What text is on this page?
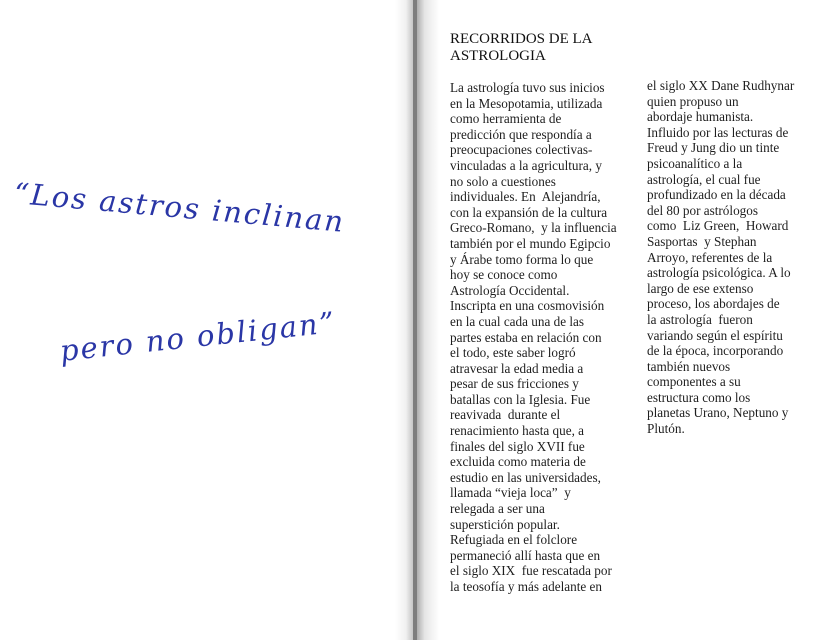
“Los astros inclinan
pero no obligan”
RECORRIDOS DE LA
ASTROLOGIA

La astrología tuvo sus inicios
en la Mesopotamia, utilizada
como herramienta de
predicción que respondía a
preocupaciones colectivas-
vinculadas a la agricultura, y
no solo a cuestiones
individuales. En  Alejandría,
con la expansión de la cultura
Greco-Romano,  y la influencia
también por el mundo Egipcio
y Árabe tomo forma lo que
hoy se conoce como
Astrología Occidental.
Inscripta en una cosmovisión
en la cual cada una de las
partes estaba en relación con
el todo, este saber logró
atravesar la edad media a
pesar de sus fricciones y
batallas con la Iglesia. Fue
reavivada  durante el
renacimiento hasta que, a
finales del siglo XVII fue
excluida como materia de
estudio en las universidades,
llamada “vieja loca”  y
relegada a ser una
superstición popular.
Refugiada en el folclore
permaneció allí hasta que en
el siglo XIX  fue rescatada por
la teosofía y más adelante en

el siglo XX Dane Rudhynar
quien propuso un
abordaje humanista.
Influido por las lecturas de
Freud y Jung dio un tinte
psicoanalítico a la
astrología, el cual fue
profundizado en la década
del 80 por astrólogos
como  Liz Green,  Howard
Sasportas  y Stephan
Arroyo, referentes de la
astrología psicológica. A lo
largo de ese extenso
proceso, los abordajes de
la astrología  fueron
variando según el espíritu
de la época, incorporando
también nuevos
componentes a su
estructura como los
planetas Urano, Neptuno y
Plutón.
